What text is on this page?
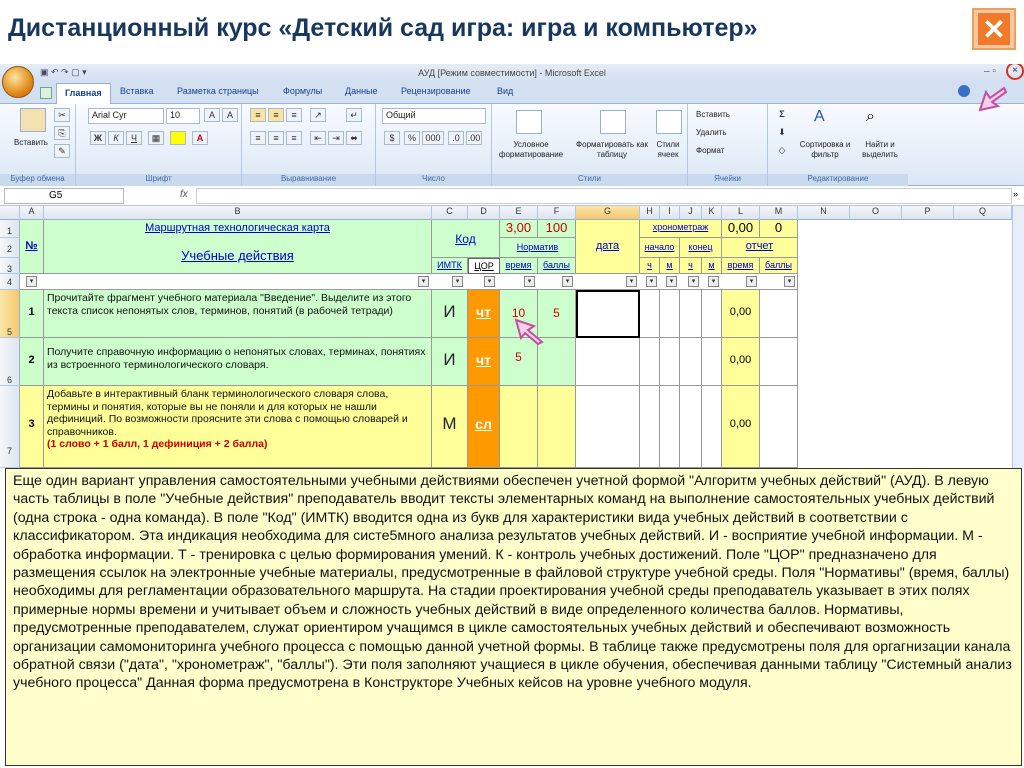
Дистанционный курс «Детский сад игра: игра и компьютер»	✕
▣ ↶ ↷ ▢ ▾	АУД [Режим совместимости] - Microsoft Excel	– ▫	×
Главная	Вставка	Разметка страницы	Формулы	Данные	Рецензирование	Вид
Вставить
✂
⎘
✎
Буфер обмена
Arial Cyr	10	A	A
Ж	К	Ч	▦	A
Шрифт
≡	≡	≡	↗	↵
≡	≡	≡	⇤	⇥	⬌
Выравнивание
Общий
$	%	000	.0 .00
Число
Условное форматирование
Форматировать как таблицу
Стили ячеек
Стили
Вставить
Удалить
Формат
Ячейки
Σ
⬇
◇
A
Сортировка и фильтр
⌕
Найти и выделить
Редактирование
G5	fx	»
A	B	C	D	E	F	G	H	I	J	K	L	M	N	O	P	Q
1
2
3
4
5
6
7
№
Маршрутная технологическая карта
Учебные действия
Код
ИМТК	ЦОР
3,00	100
Норматив
время	баллы
дата
хронометраж
начало	конец
ч	м	ч	м
0,00	0
отчет
время	баллы
▾	▾	▾	▾	▾	▾	▾	▾	▾	▾	▾	▾	▾
1
Прочитайте фрагмент учебного материала "Введение". Выделите из этого текста список непонятых слов, терминов, понятий (в рабочей тетради)	И	чт	10	5	0,00
2
Получите справочную информацию о непонятых словах, терминах, понятиях из встроенного терминологического словаря.	И	чт	5	0,00
3
Добавьте в интерактивный бланк терминологического словаря слова, термины и понятия, которые вы не поняли и для которых не нашли дефиниций. По возможности проясните эти слова с помощью словарей и справочников.
(1 слово + 1 балл, 1 дефиниция + 2 балла)
М	сл	0,00
Еще один вариант управления самостоятельными учебными действиями обеспечен учетной формой "Алгоритм учебных действий" (АУД). В левую часть таблицы в поле "Учебные действия" преподаватель вводит тексты элементарных команд на выполнение самостоятельных учебных действий (одна строка - одна команда). В поле "Код" (ИМТК) вводится одна из букв для характеристики вида учебных действий в соответствии с классификатором. Эта индикация необходима для систе5много анализа результатов учебных действий. И - восприятие учебной информации. М - обработка информации. Т - тренировка с целью формирования умений. К - контроль учебных достижений. Поле "ЦОР" предназначено для размещения ссылок на электронные учебные материалы, предусмотренные в файловой структуре учебной среды. Поля "Нормативы" (время, баллы) необходимы для регламентации образовательного маршрута. На стадии проектирования учебной среды преподаватель указывает в этих полях примерные нормы времени и учитывает объем и сложность учебных действий в виде определенного количества баллов. Нормативы, предусмотренные преподавателем, служат ориентиром учащимся в цикле самостоятельных учебных действий и обеспечивают возможность организации самомониторинга учебного процесса с помощью данной учетной формы. В таблице также предусмотрены поля для оргагнизации канала обратной связи ("дата", "хронометраж", "баллы"). Эти поля заполняют учащиеся в цикле обучения, обеспечивая данными таблицу "Системный анализ учебного процесса" Данная форма предусмотрена в Конструкторе Учебных кейсов на уровне учебного модуля.
